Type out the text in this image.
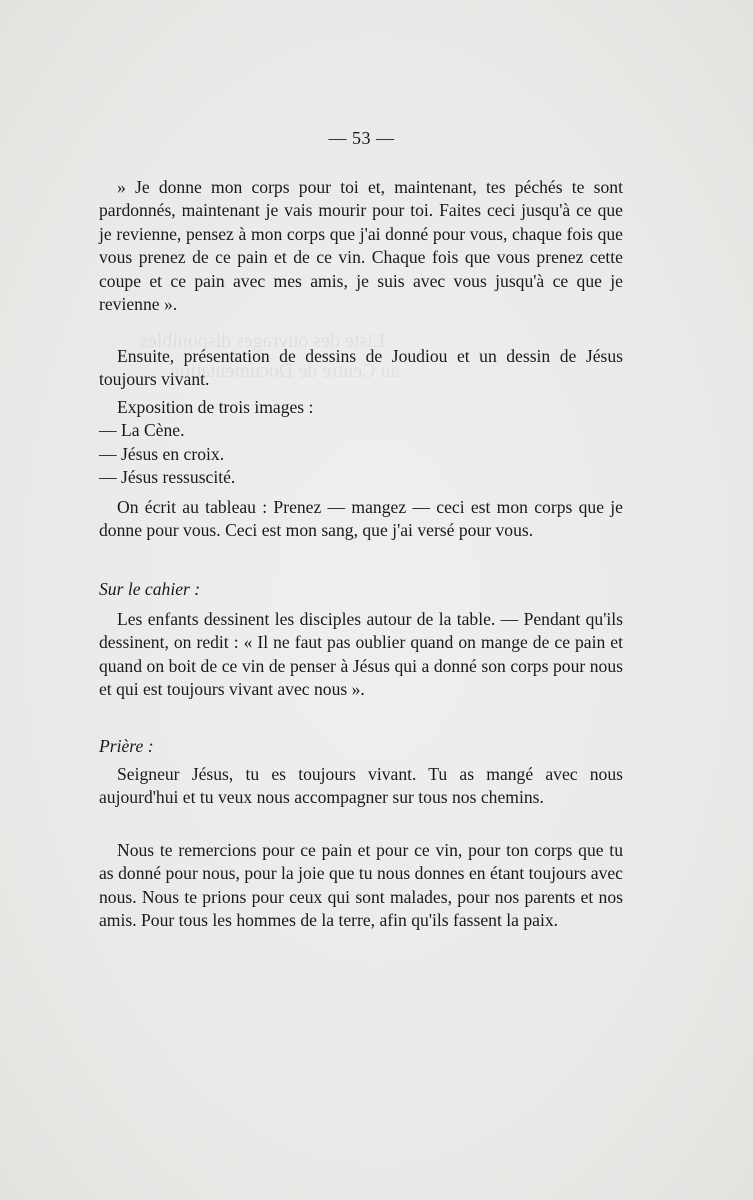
Liste des ouvrages disponibles
au Centre de Documentation
— 53 —

» Je donne mon corps pour toi et, maintenant, tes péchés te sont pardonnés, maintenant je vais mourir pour toi. Faites ceci jusqu'à ce que je revienne, pensez à mon corps que j'ai donné pour vous, chaque fois que vous prenez de ce pain et de ce vin. Chaque fois que vous prenez cette coupe et ce pain avec mes amis, je suis avec vous jusqu'à ce que je revienne ».

Ensuite, présentation de dessins de Joudiou et un dessin de Jésus toujours vivant.

Exposition de trois images :

— La Cène.
— Jésus en croix.
— Jésus ressuscité.

On écrit au tableau : Prenez — mangez — ceci est mon corps que je donne pour vous. Ceci est mon sang, que j'ai versé pour vous.

Sur le cahier :

Les enfants dessinent les disciples autour de la table. — Pendant qu'ils dessinent, on redit : « Il ne faut pas oublier quand on mange de ce pain et quand on boit de ce vin de penser à Jésus qui a donné son corps pour nous et qui est toujours vivant avec nous ».

Prière :

Seigneur Jésus, tu es toujours vivant. Tu as mangé avec nous aujourd'hui et tu veux nous accompagner sur tous nos chemins.

Nous te remercions pour ce pain et pour ce vin, pour ton corps que tu as donné pour nous, pour la joie que tu nous donnes en étant toujours avec nous. Nous te prions pour ceux qui sont malades, pour nos parents et nos amis. Pour tous les hommes de la terre, afin qu'ils fassent la paix.
